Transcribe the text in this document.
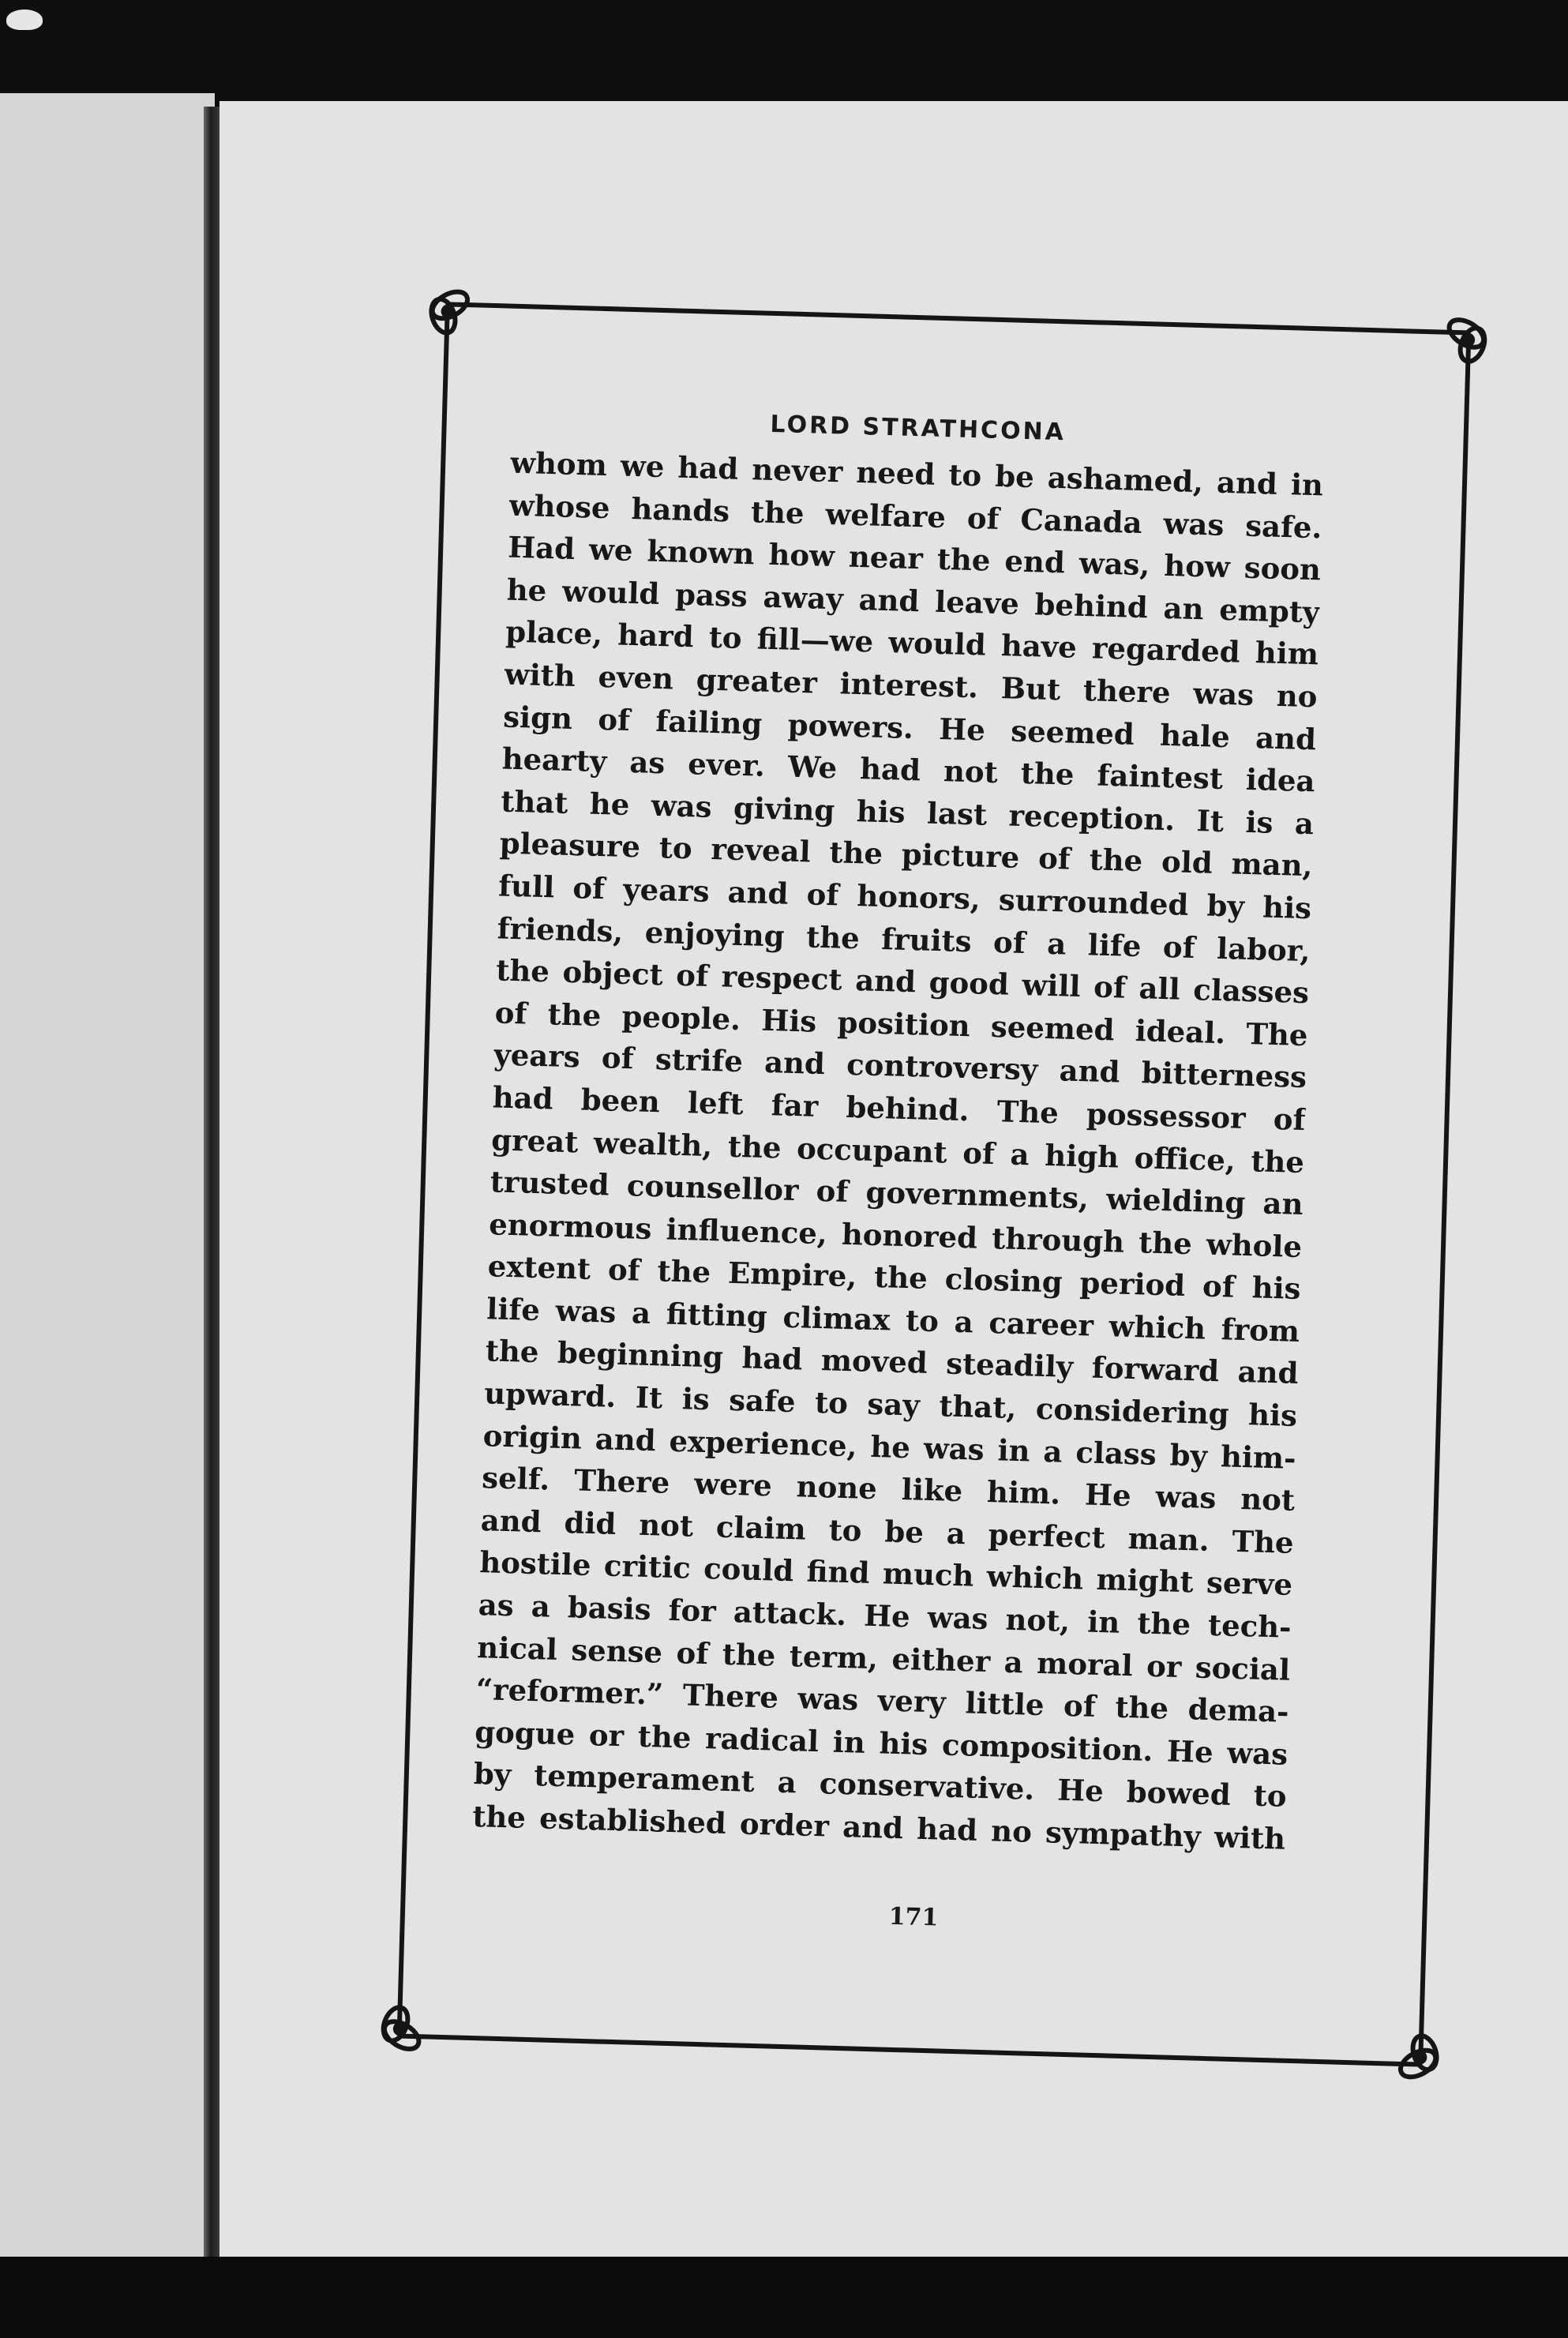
LORD STRATHCONA
whom we had never need to be ashamed, and in
whose hands the welfare of Canada was safe.
Had we known how near the end was, how soon
he would pass away and leave behind an empty
place, hard to fill—we would have regarded him
with even greater interest. But there was no
sign of failing powers. He seemed hale and
hearty as ever. We had not the faintest idea
that he was giving his last reception. It is a
pleasure to reveal the picture of the old man,
full of years and of honors, surrounded by his
friends, enjoying the fruits of a life of labor,
the object of respect and good will of all classes
of the people. His position seemed ideal. The
years of strife and controversy and bitterness
had been left far behind. The possessor of
great wealth, the occupant of a high office, the
trusted counsellor of governments, wielding an
enormous influence, honored through the whole
extent of the Empire, the closing period of his
life was a fitting climax to a career which from
the beginning had moved steadily forward and
upward. It is safe to say that, considering his
origin and experience, he was in a class by him-
self. There were none like him. He was not
and did not claim to be a perfect man. The
hostile critic could find much which might serve
as a basis for attack. He was not, in the tech-
nical sense of the term, either a moral or social
“reformer.” There was very little of the dema-
gogue or the radical in his composition. He was
by temperament a conservative. He bowed to
the established order and had no sympathy with
171
